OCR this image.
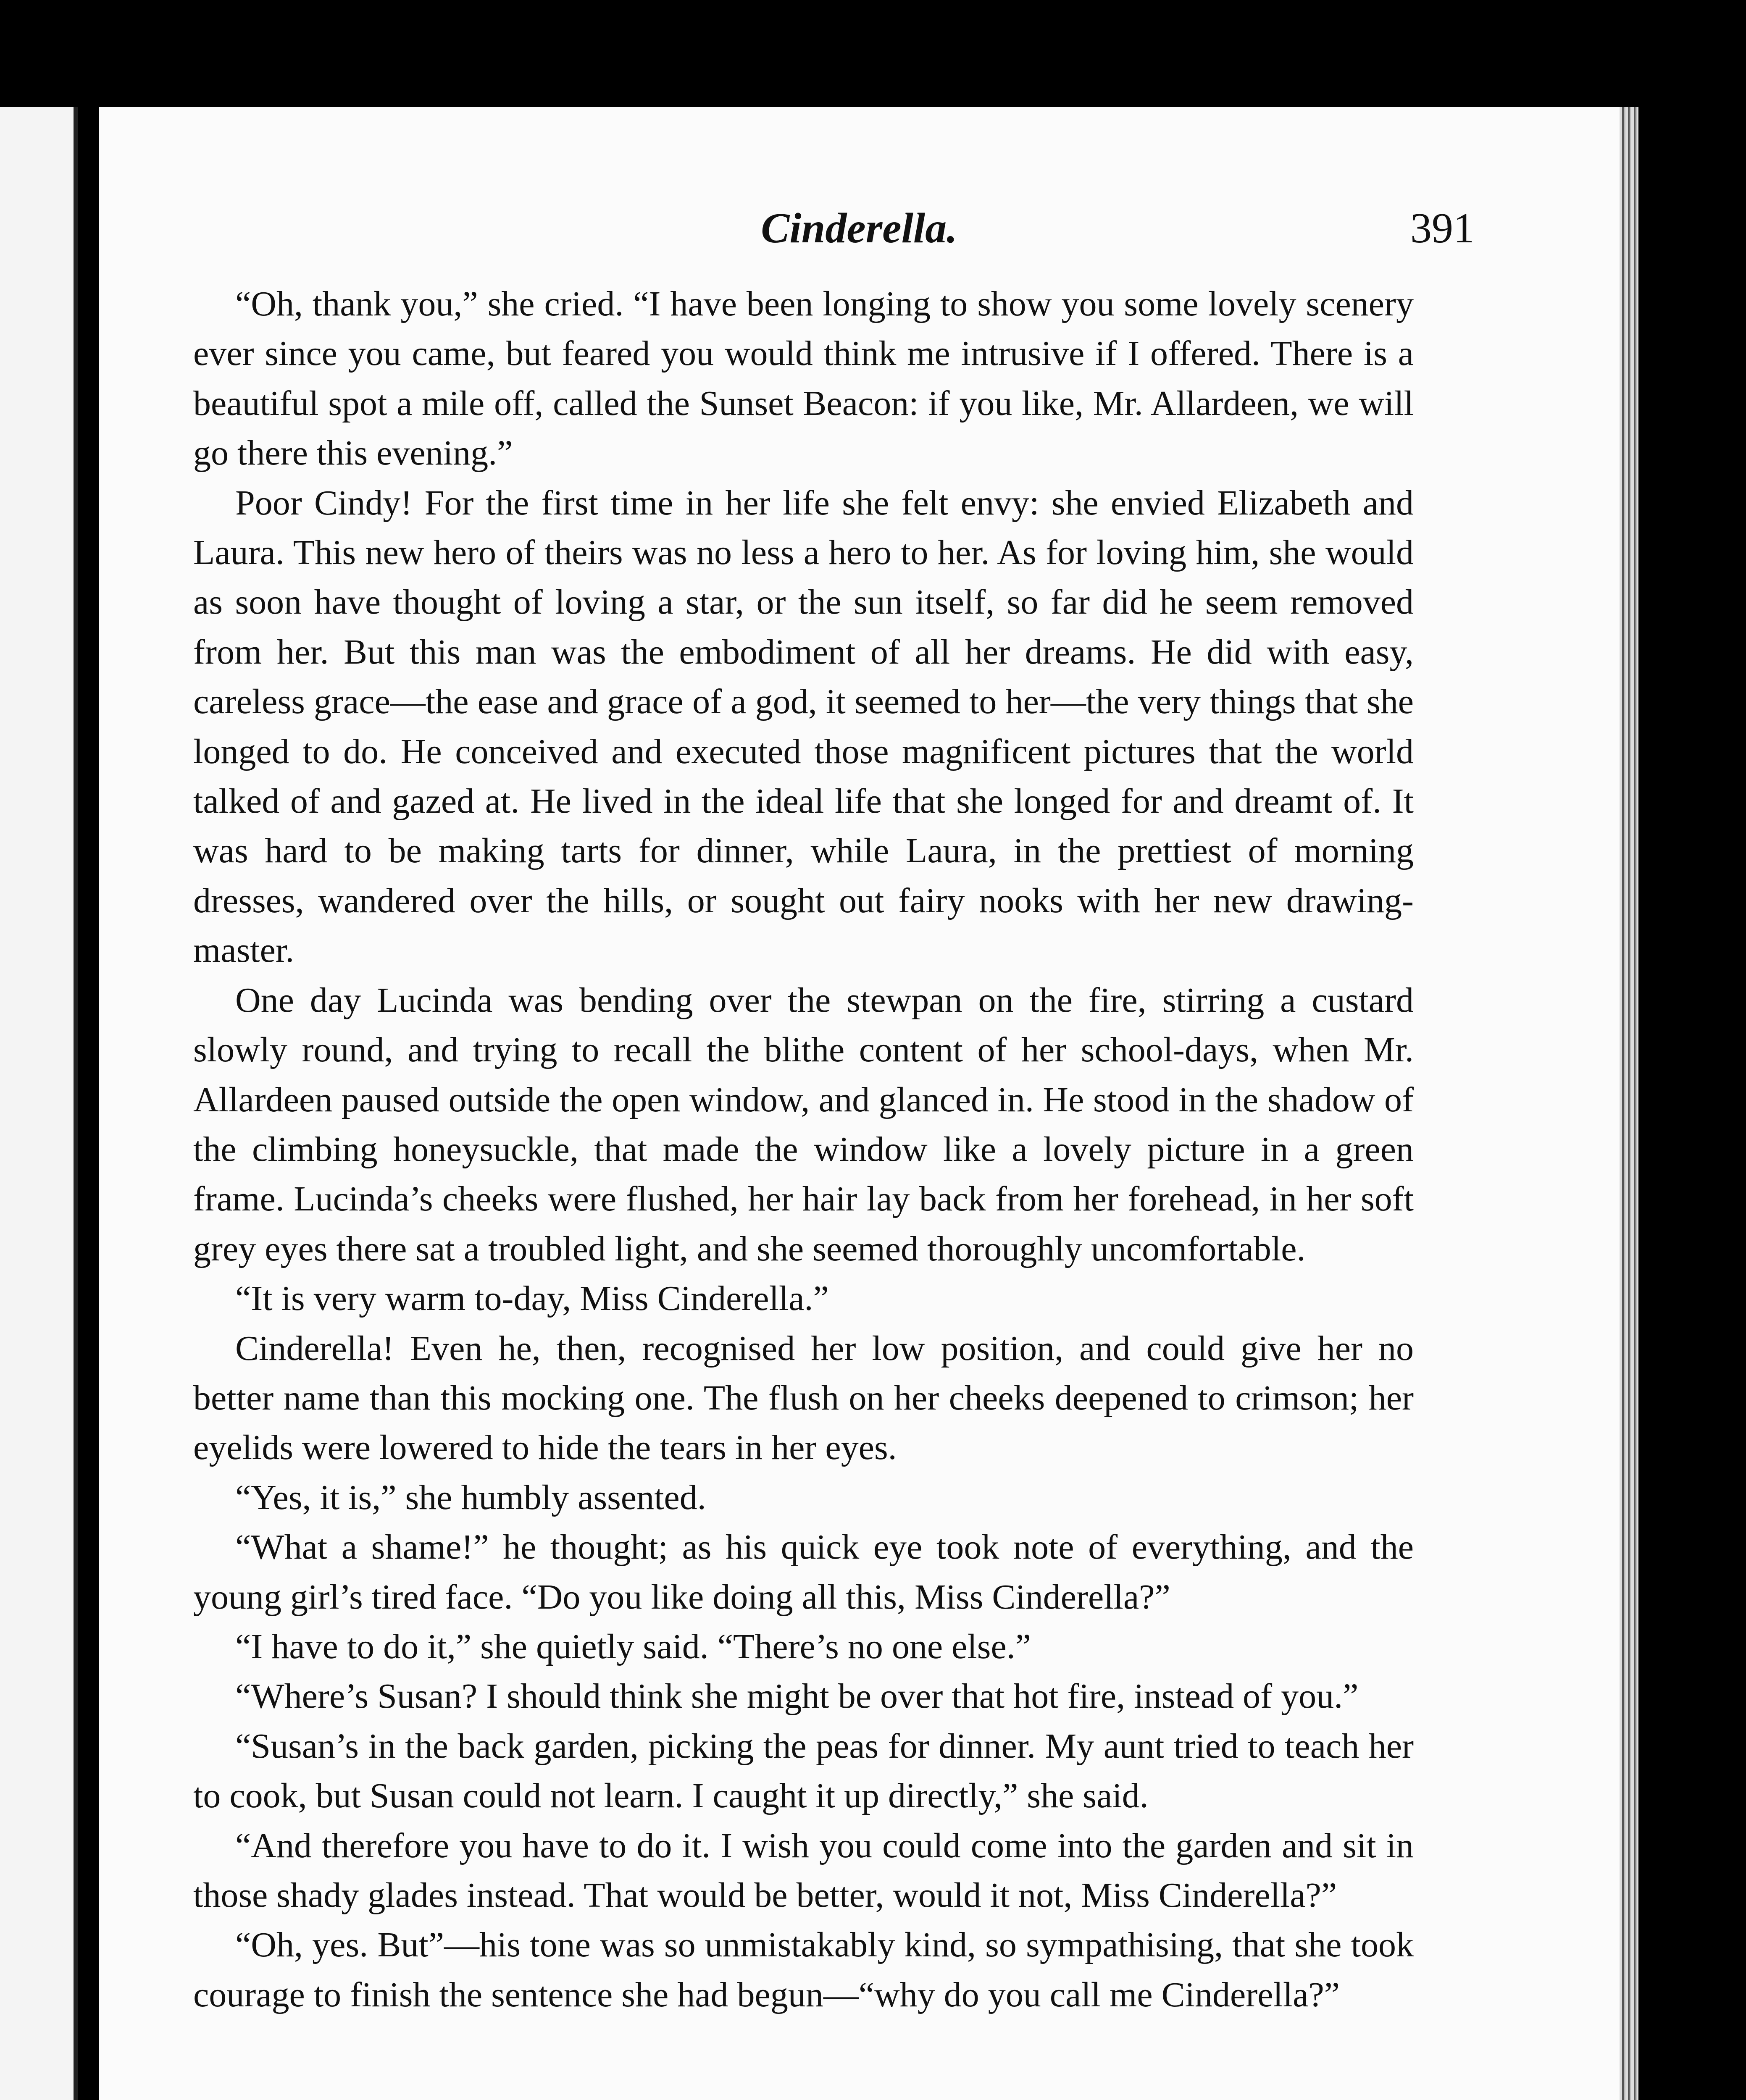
Cinderella.	391

“Oh, thank you,” she cried. “I have been longing to show you some lovely scenery ever since you came, but feared you would think me intrusive if I offered. There is a beautiful spot a mile off, called the Sunset Beacon: if you like, Mr. Allardeen, we will go there this evening.”

Poor Cindy! For the first time in her life she felt envy: she envied Elizabeth and Laura. This new hero of theirs was no less a hero to her. As for loving him, she would as soon have thought of loving a star, or the sun itself, so far did he seem removed from her. But this man was the embodiment of all her dreams. He did with easy, careless grace—the ease and grace of a god, it seemed to her—the very things that she longed to do. He conceived and executed those magnificent pictures that the world talked of and gazed at. He lived in the ideal life that she longed for and dreamt of. It was hard to be making tarts for dinner, while Laura, in the prettiest of morning dresses, wandered over the hills, or sought out fairy nooks with her new drawing-master.

One day Lucinda was bending over the stewpan on the fire, stirring a custard slowly round, and trying to recall the blithe content of her school-days, when Mr. Allardeen paused outside the open window, and glanced in. He stood in the shadow of the climbing honeysuckle, that made the window like a lovely picture in a green frame. Lucinda’s cheeks were flushed, her hair lay back from her forehead, in her soft grey eyes there sat a troubled light, and she seemed thoroughly uncomfortable.

“It is very warm to-day, Miss Cinderella.”

Cinderella! Even he, then, recognised her low position, and could give her no better name than this mocking one. The flush on her cheeks deepened to crimson; her eyelids were lowered to hide the tears in her eyes.

“Yes, it is,” she humbly assented.

“What a shame!” he thought; as his quick eye took note of everything, and the young girl’s tired face. “Do you like doing all this, Miss Cinderella?”

“I have to do it,” she quietly said. “There’s no one else.”

“Where’s Susan? I should think she might be over that hot fire, instead of you.”

“Susan’s in the back garden, picking the peas for dinner. My aunt tried to teach her to cook, but Susan could not learn. I caught it up directly,” she said.

“And therefore you have to do it. I wish you could come into the garden and sit in those shady glades instead. That would be better, would it not, Miss Cinderella?”

“Oh, yes. But”—his tone was so unmistakably kind, so sympathising, that she took courage to finish the sentence she had begun—“why do you call me Cinderella?”
